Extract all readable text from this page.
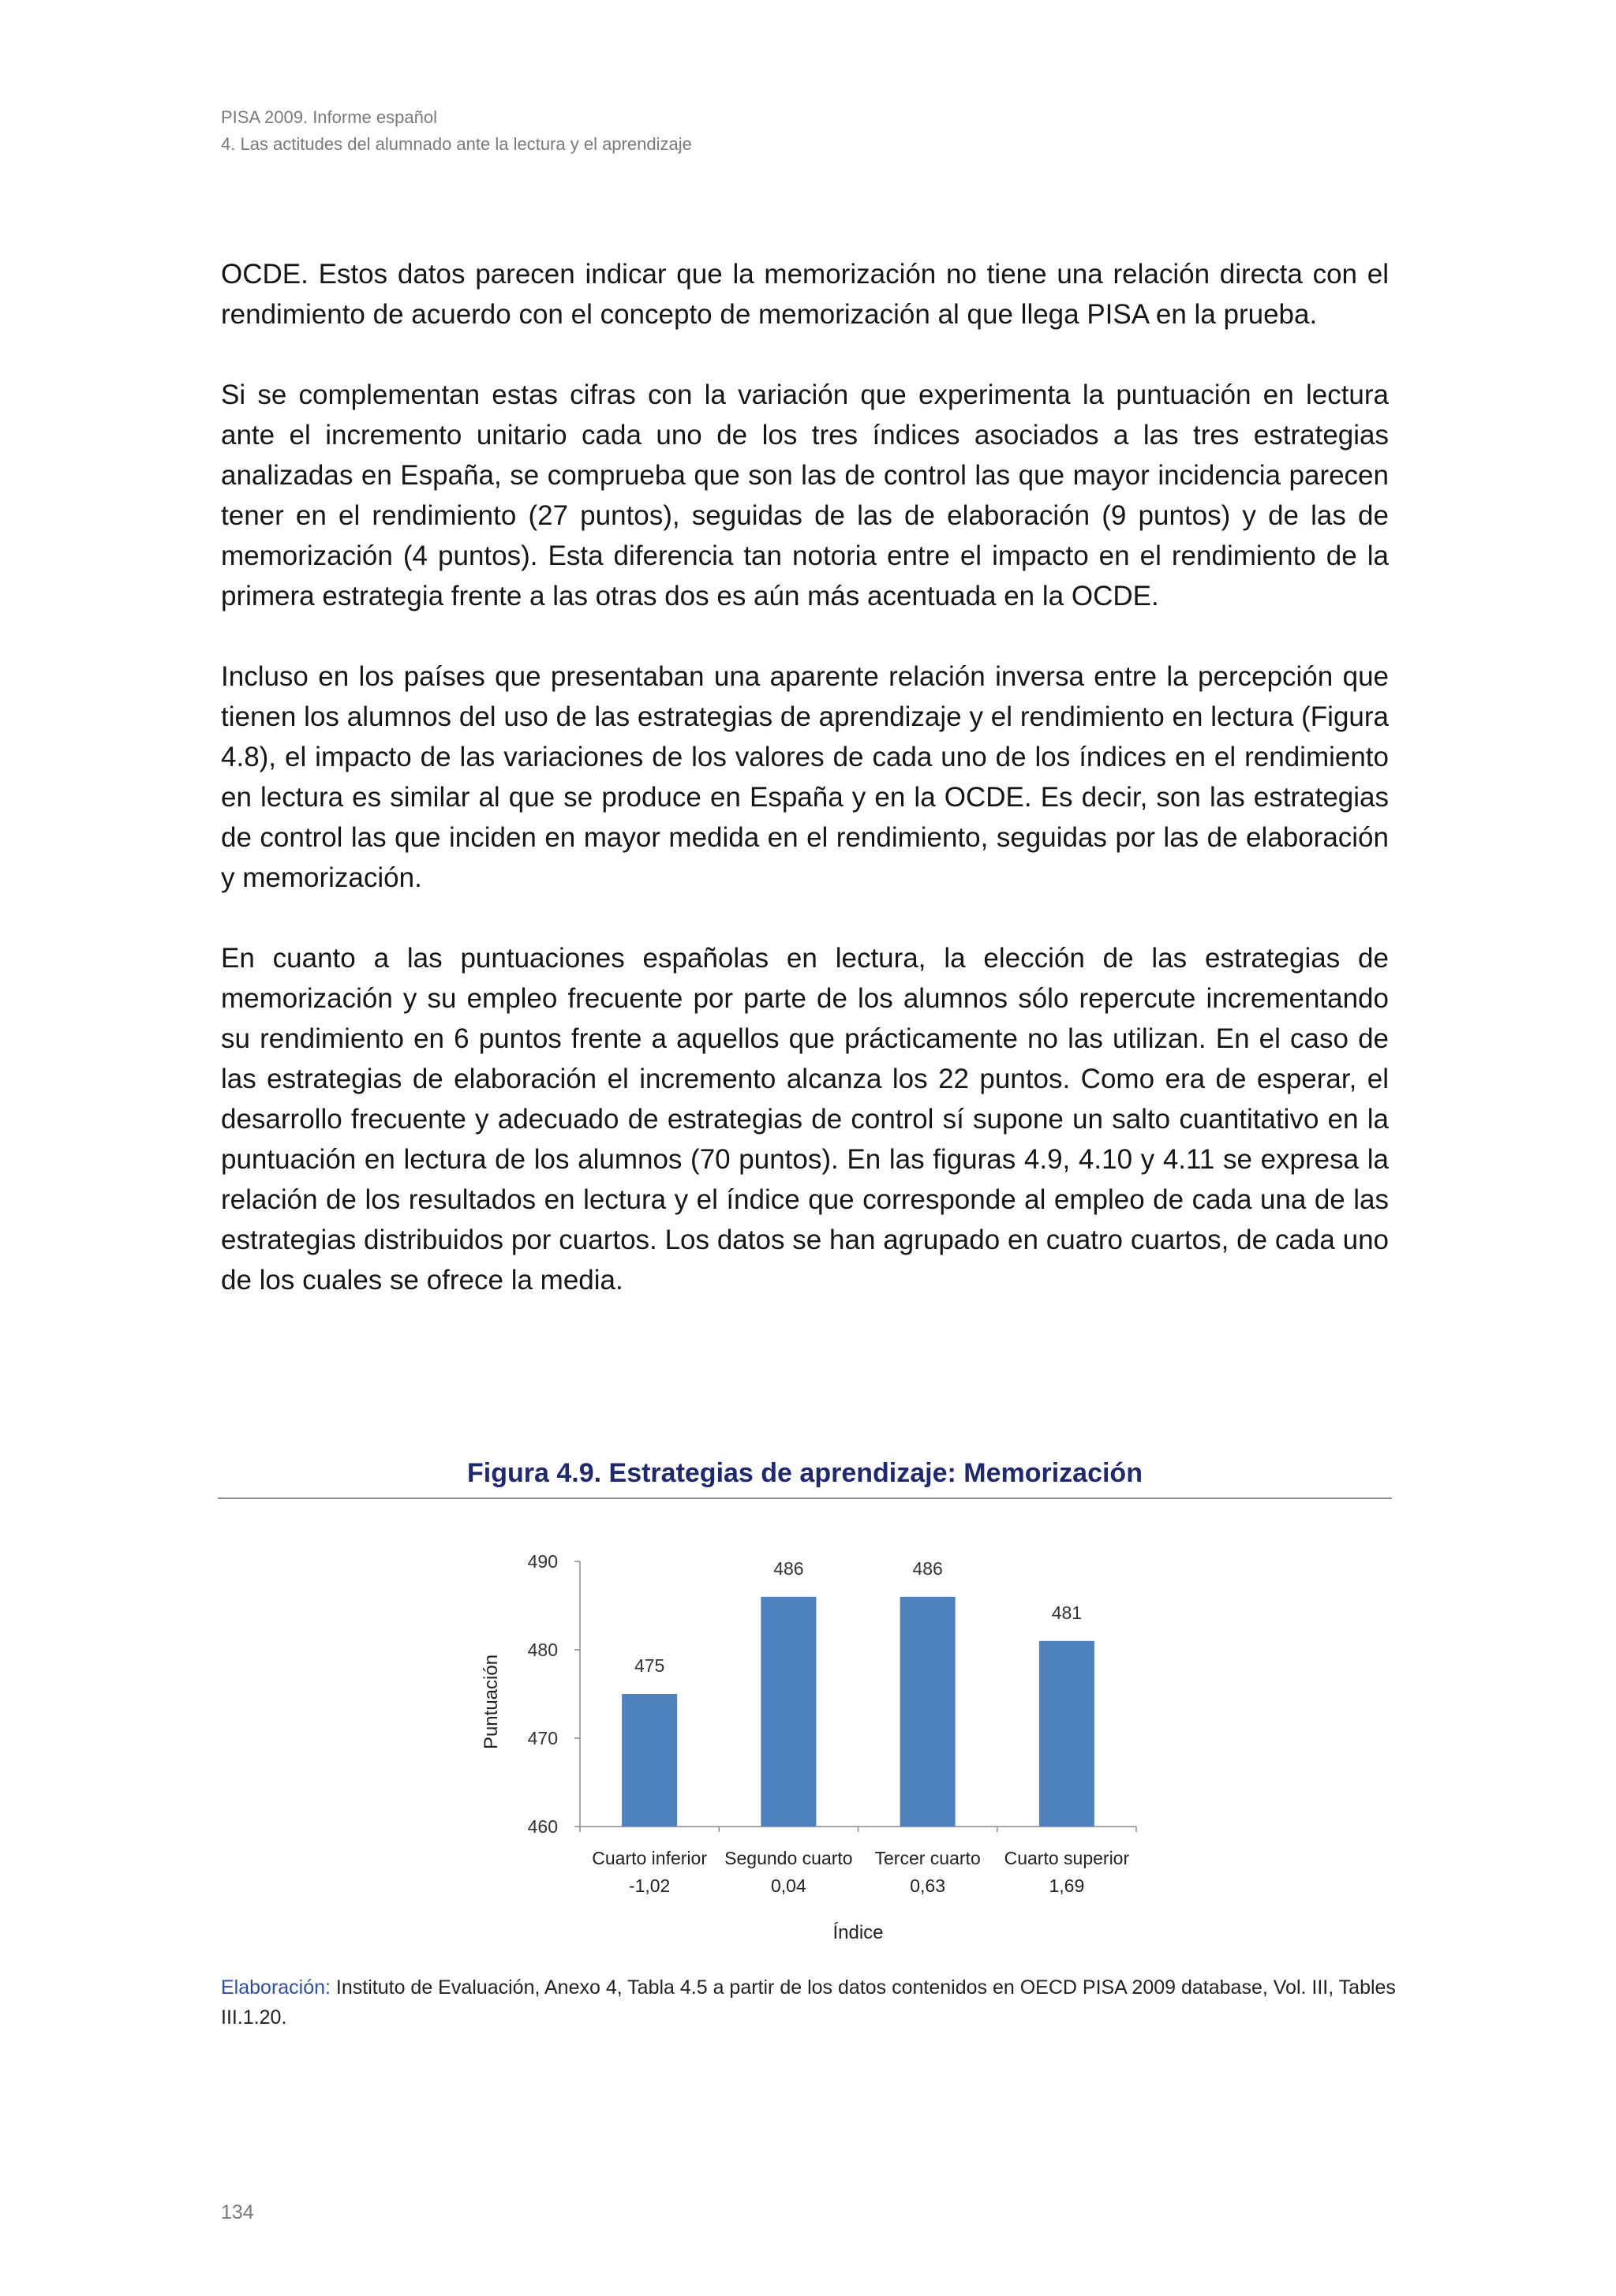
PISA 2009. Informe español
4. Las actitudes del alumnado ante la lectura y el aprendizaje

OCDE. Estos datos parecen indicar que la memorización no tiene una relación directa con el rendimiento de acuerdo con el concepto de memorización al que llega PISA en la prueba.

Si se complementan estas cifras con la variación que experimenta la puntuación en lectura ante el incremento unitario cada uno de los tres índices asociados a las tres estrategias analizadas en España, se comprueba que son las de control las que mayor incidencia parecen tener en el rendimiento (27 puntos), seguidas de las de elaboración (9 puntos) y de las de memorización (4 puntos). Esta diferencia tan notoria entre el impacto en el rendimiento de la primera estrategia frente a las otras dos es aún más acentuada en la OCDE.

Incluso en los países que presentaban una aparente relación inversa entre la percepción que tienen los alumnos del uso de las estrategias de aprendizaje y el rendimiento en lectura (Figura 4.8), el impacto de las variaciones de los valores de cada uno de los índices en el rendimiento en lectura es similar al que se produce en España y en la OCDE. Es decir, son las estrategias de control las que inciden en mayor medida en el rendimiento, seguidas por las de elaboración y memorización.

En cuanto a las puntuaciones españolas en lectura, la elección de las estrategias de memorización y su empleo frecuente por parte de los alumnos sólo repercute incrementando su rendimiento en 6 puntos frente a aquellos que prácticamente no las utilizan. En el caso de las estrategias de elaboración el incremento alcanza los 22 puntos. Como era de esperar, el desarrollo frecuente y adecuado de estrategias de control sí supone un salto cuantitativo en la puntuación en lectura de los alumnos (70 puntos). En las figuras 4.9, 4.10 y 4.11 se expresa la relación de los resultados en lectura y el índice que corresponde al empleo de cada una de las estrategias distribuidos por cuartos. Los datos se han agrupado en cuatro cuartos, de cada uno de los cuales se ofrece la media.

Figura 4.9. Estrategias de aprendizaje: Memorización
Puntuación
460
470
480
490
475
486	486
481
Cuarto inferior
-1,02
Segundo cuarto
0,04
Tercer cuarto
0,63
Cuarto superior
1,69
Índice
Elaboración: Instituto de Evaluación, Anexo 4, Tabla 4.5 a partir de los datos contenidos en OECD PISA 2009 database, Vol. III, Tables III.1.20.
134
